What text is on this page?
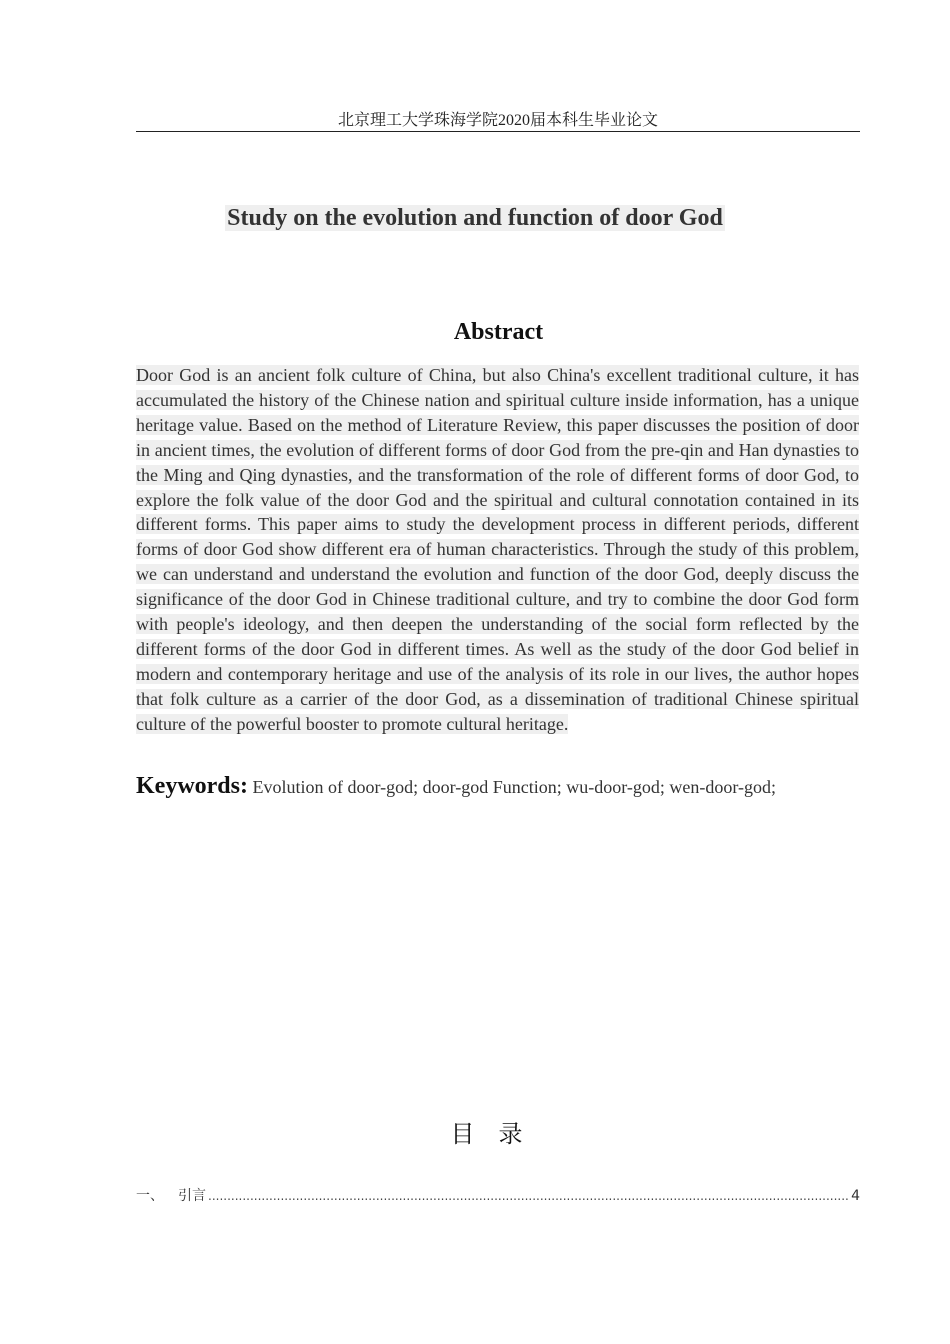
北京理工大学珠海学院2020届本科生毕业论文
Study on the evolution and function of door God
Abstract
Door God is an ancient folk culture of China, but also China's excellent traditional culture, it has accumulated the history of the Chinese nation and spiritual culture inside information, has a unique heritage value. Based on the method of Literature Review, this paper discusses the position of door in ancient times, the evolution of different forms of door God from the pre-qin and Han dynasties to the Ming and Qing dynasties, and the transformation of the role of different forms of door God, to explore the folk value of the door God and the spiritual and cultural connotation contained in its different forms. This paper aims to study the development process in different periods, different forms of door God show different era of human characteristics. Through the study of this problem, we can understand and understand the evolution and function of the door God, deeply discuss the significance of the door God in Chinese traditional culture, and try to combine the door God form with people's ideology, and then deepen the understanding of the social form reflected by the different forms of the door God in different times. As well as the study of the door God belief in modern and contemporary heritage and use of the analysis of its role in our lives, the author hopes that folk culture as a carrier of the door God, as a dissemination of traditional Chinese spiritual culture of the powerful booster to promote cultural heritage.
Keywords: Evolution of door-god; door-god Function; wu-door-god; wen-door-god;
目录
一、 引言
.....	4
